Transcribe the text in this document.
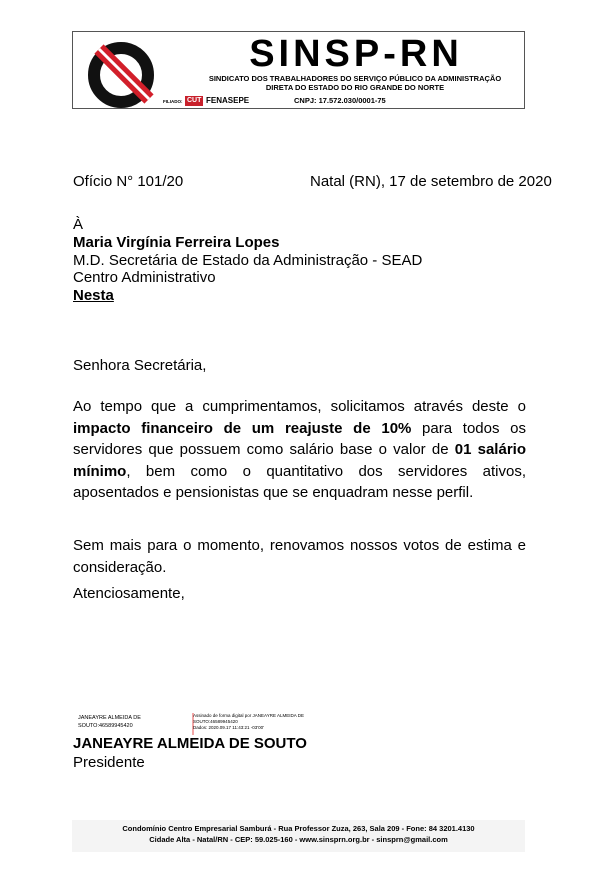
SINSP-RN
SINDICATO DOS TRABALHADORES DO SERVIÇO PÚBLICO DA ADMINISTRAÇÃO
DIRETA DO ESTADO DO RIO GRANDE DO NORTE
FILIADO: CUT FENASEPE	CNPJ: 17.572.030/0001-75
Ofício N° 101/20	Natal (RN), 17 de setembro de 2020
À
Maria Virgínia Ferreira Lopes
M.D. Secretária de Estado da Administração - SEAD
Centro Administrativo
Nesta
Senhora Secretária,
Ao tempo que a cumprimentamos, solicitamos através deste o impacto financeiro de um reajuste de 10% para todos os servidores que possuem como salário base o valor de 01 salário mínimo, bem como o quantitativo dos servidores ativos, aposentados e pensionistas que se enquadram nesse perfil.
Sem mais para o momento, renovamos nossos votos de estima e consideração.
Atenciosamente,
JANEAYRE ALMEIDA DE
SOUTO:46589945420
Assinado de forma digital por JANEAYRE ALMEIDA DE
SOUTO:46589945420
Dados: 2020.09.17 11:43:21 -03'00'
JANEAYRE ALMEIDA DE SOUTO
Presidente
Condomínio Centro Empresarial Samburá - Rua Professor Zuza, 263, Sala 209 - Fone: 84 3201.4130
Cidade Alta - Natal/RN - CEP: 59.025-160 - www.sinsprn.org.br - sinsprn@gmail.com
